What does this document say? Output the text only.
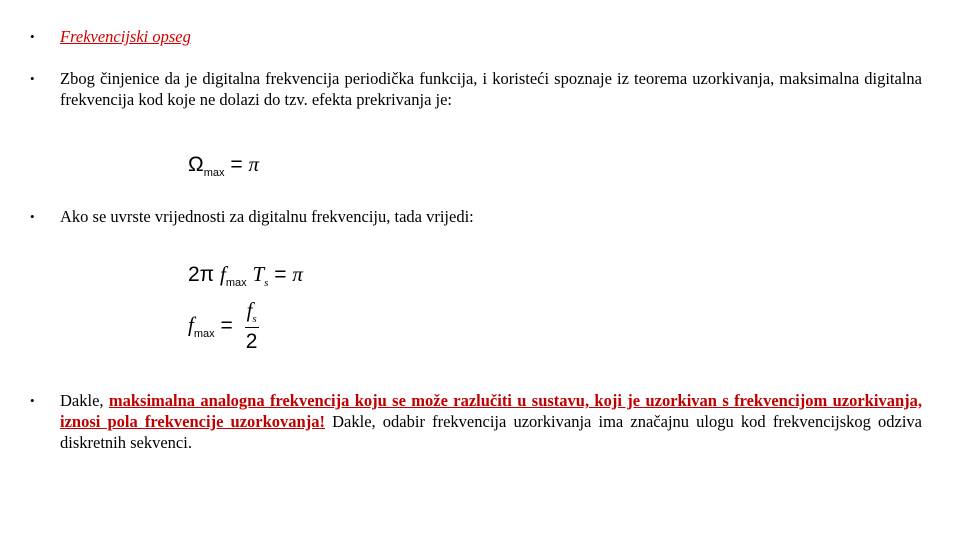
• Frekvencijski opseg
• Zbog činjenice da je digitalna frekvencija periodička funkcija, i koristeći spoznaje iz teorema uzorkivanja, maksimalna digitalna frekvencija kod koje ne dolazi do tzv. efekta prekrivanja je:
$\Omega_{max} = \pi$
• Ako se uvrste vrijednosti za digitalnu frekvenciju, tada vrijedi:
2π $f_{max}$ $T_s = \pi$
$f_{max} = \frac{f_s}{2}$
• Dakle, maksimalna analogna frekvencija koju se može razlučiti u sustavu, koji je uzorkivan s frekvencijom uzorkivanja, iznosi pola frekvencije uzorkovanja! Dakle, odabir frekvencija uzorkivanja ima značajnu ulogu kod frekvencijskog odziva diskretnih sekvenci.
